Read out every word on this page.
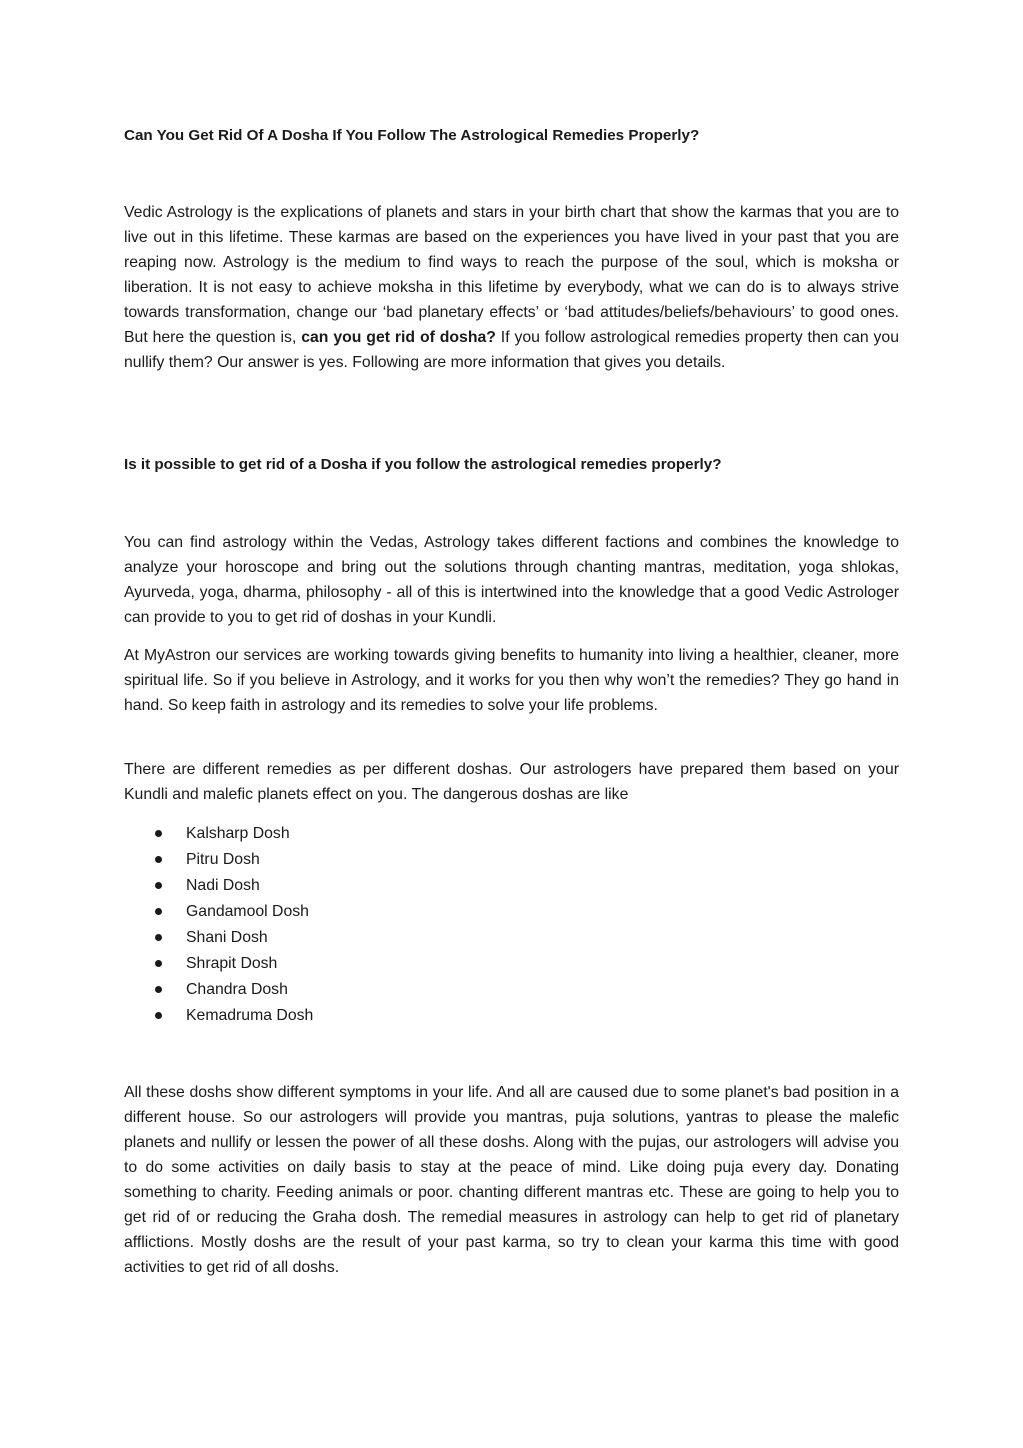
Can You Get Rid Of A Dosha If You Follow The Astrological Remedies Properly?

Vedic Astrology is the explications of planets and stars in your birth chart that show the karmas that you are to live out in this lifetime. These karmas are based on the experiences you have lived in your past that you are reaping now. Astrology is the medium to find ways to reach the purpose of the soul, which is moksha or liberation. It is not easy to achieve moksha in this lifetime by everybody, what we can do is to always strive towards transformation, change our ‘bad planetary effects’ or ‘bad attitudes/beliefs/behaviours’ to good ones. But here the question is, can you get rid of dosha? If you follow astrological remedies property then can you nullify them? Our answer is yes. Following are more information that gives you details.

Is it possible to get rid of a Dosha if you follow the astrological remedies properly?

You can find astrology within the Vedas, Astrology takes different factions and combines the knowledge to analyze your horoscope and bring out the solutions through chanting mantras, meditation, yoga shlokas, Ayurveda, yoga, dharma, philosophy - all of this is intertwined into the knowledge that a good Vedic Astrologer can provide to you to get rid of doshas in your Kundli.

At MyAstron our services are working towards giving benefits to humanity into living a healthier, cleaner, more spiritual life. So if you believe in Astrology, and it works for you then why won’t the remedies? They go hand in hand. So keep faith in astrology and its remedies to solve your life problems.

There are different remedies as per different doshas. Our astrologers have prepared them based on your Kundli and malefic planets effect on you. The dangerous doshas are like

Kalsharp Dosh
Pitru Dosh
Nadi Dosh
Gandamool Dosh
Shani Dosh
Shrapit Dosh
Chandra Dosh
Kemadruma Dosh

All these doshs show different symptoms in your life. And all are caused due to some planet's bad position in a different house. So our astrologers will provide you mantras, puja solutions, yantras to please the malefic planets and nullify or lessen the power of all these doshs. Along with the pujas, our astrologers will advise you to do some activities on daily basis to stay at the peace of mind. Like doing puja every day. Donating something to charity. Feeding animals or poor. chanting different mantras etc. These are going to help you to get rid of or reducing the Graha dosh. The remedial measures in astrology can help to get rid of planetary afflictions. Mostly doshs are the result of your past karma, so try to clean your karma this time with good activities to get rid of all doshs.
